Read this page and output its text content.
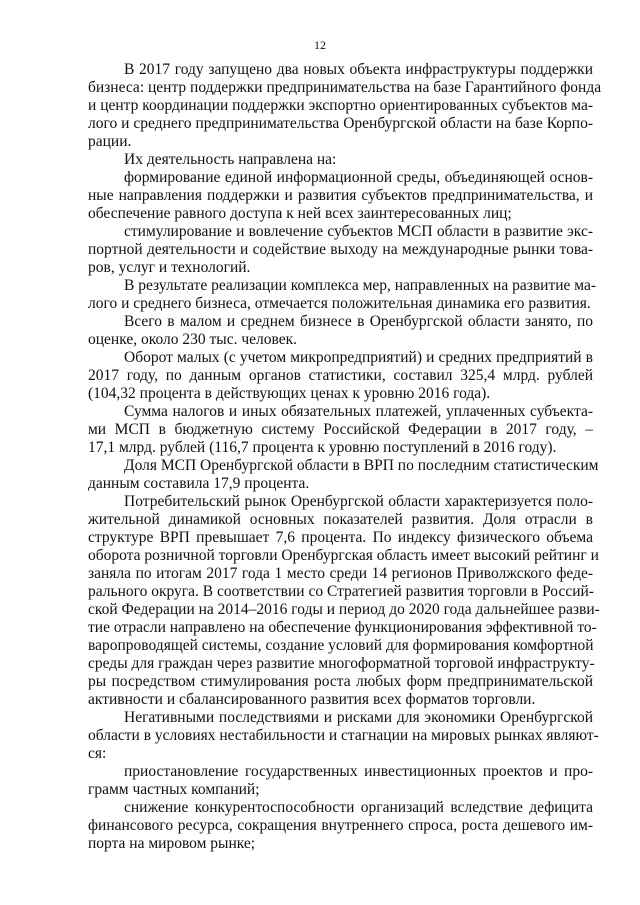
12
В 2017 году запущено два новых объекта инфраструктуры поддержки
бизнеса: центр поддержки предпринимательства на базе Гарантийного фонда
и центр координации поддержки экспортно ориентированных субъектов ма-
лого и среднего предпринимательства Оренбургской области на базе Корпо-
рации.
Их деятельность направлена на:
формирование единой информационной среды, объединяющей основ-
ные направления поддержки и развития субъектов предпринимательства, и
обеспечение равного доступа к ней всех заинтересованных лиц;
стимулирование и вовлечение субъектов МСП области в развитие экс-
портной деятельности и содействие выходу на международные рынки това-
ров, услуг и технологий.
В результате реализации комплекса мер, направленных на развитие ма-
лого и среднего бизнеса, отмечается положительная динамика его развития.
Всего в малом и среднем бизнесе в Оренбургской области занято, по
оценке, около 230 тыс. человек.
Оборот малых (с учетом микропредприятий) и средних предприятий в
2017 году, по данным органов статистики, составил 325,4 млрд. рублей
(104,32 процента в действующих ценах к уровню 2016 года).
Сумма налогов и иных обязательных платежей, уплаченных субъекта-
ми МСП в бюджетную систему Российской Федерации в 2017 году, –
17,1 млрд. рублей (116,7 процента к уровню поступлений в 2016 году).
Доля МСП Оренбургской области в ВРП по последним статистическим
данным составила 17,9 процента.
Потребительский рынок Оренбургской области характеризуется поло-
жительной динамикой основных показателей развития. Доля отрасли в
структуре ВРП превышает 7,6 процента. По индексу физического объема
оборота розничной торговли Оренбургская область имеет высокий рейтинг и
заняла по итогам 2017 года 1 место среди 14 регионов Приволжского феде-
рального округа. В соответствии со Стратегией развития торговли в Россий-
ской Федерации на 2014–2016 годы и период до 2020 года дальнейшее разви-
тие отрасли направлено на обеспечение функционирования эффективной то-
варопроводящей системы, создание условий для формирования комфортной
среды для граждан через развитие многоформатной торговой инфраструкту-
ры посредством стимулирования роста любых форм предпринимательской
активности и сбалансированного развития всех форматов торговли.
Негативными последствиями и рисками для экономики Оренбургской
области в условиях нестабильности и стагнации на мировых рынках являют-
ся:
приостановление государственных инвестиционных проектов и про-
грамм частных компаний;
снижение конкурентоспособности организаций вследствие дефицита
финансового ресурса, сокращения внутреннего спроса, роста дешевого им-
порта на мировом рынке;
